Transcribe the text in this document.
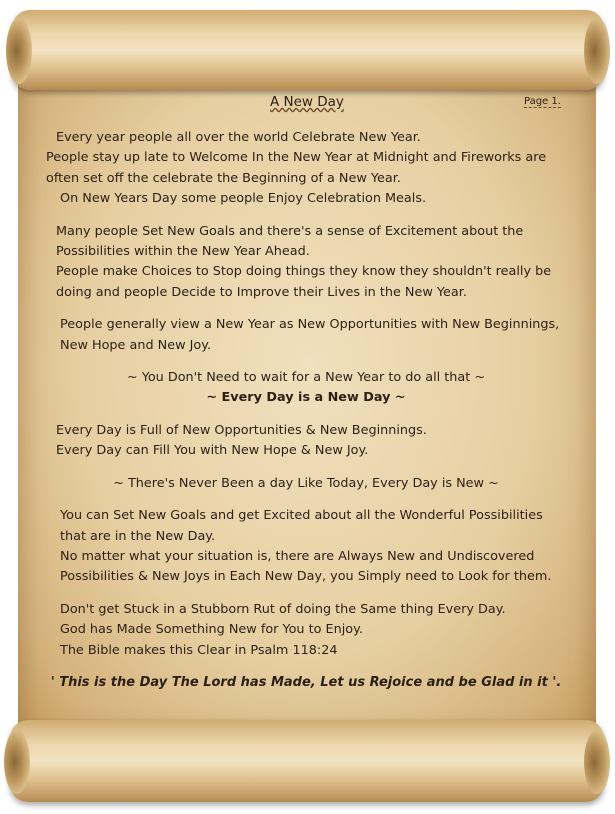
A New Day	Page 1.

Every year people all over the world Celebrate New Year.

People stay up late to Welcome In the New Year at Midnight and Fireworks are often set off the celebrate the Beginning of a New Year.

On New Years Day some people Enjoy Celebration Meals.

Many people Set New Goals and there's a sense of Excitement about the Possibilities within the New Year Ahead.

People make Choices to Stop doing things they know they shouldn't really be doing and people Decide to Improve their Lives in the New Year.

People generally view a New Year as New Opportunities with New Beginnings, New Hope and New Joy.

~ You Don't Need to wait for a New Year to do all that ~

~ Every Day is a New Day ~

Every Day is Full of New Opportunities & New Beginnings.

Every Day can Fill You with New Hope & New Joy.

~ There's Never Been a day Like Today, Every Day is New ~

You can Set New Goals and get Excited about all the Wonderful Possibilities that are in the New Day.

No matter what your situation is, there are Always New and Undiscovered Possibilities & New Joys in Each New Day, you Simply need to Look for them.

Don't get Stuck in a Stubborn Rut of doing the Same thing Every Day.

God has Made Something New for You to Enjoy.

The Bible makes this Clear in Psalm 118:24

' This is the Day The Lord has Made, Let us Rejoice and be Glad in it '.
